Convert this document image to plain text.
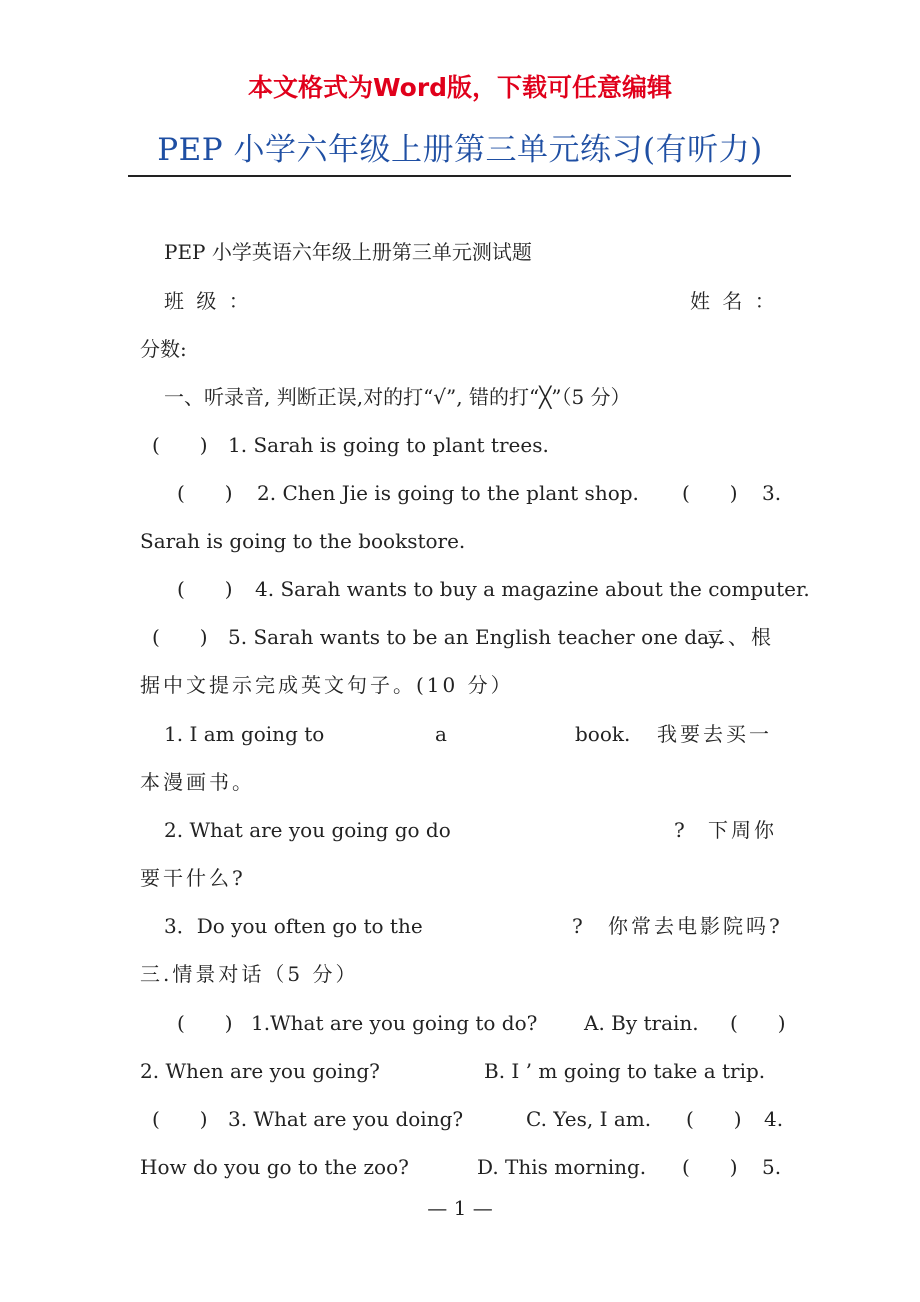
本文格式为Word版，下载可任意编辑
PEP 小学六年级上册第三单元练习(有听力)
PEP 小学英语六年级上册第三单元测试题
班 级 ：	姓 名 ：
分数:
一、听录音, 判断正误,对的打“√”, 错的打“╳”（5 分）
(　　) 1. Sarah is going to plant trees.
(　　) 2. Chen Jie is going to the plant shop. (　　) 3.
Sarah is going to the bookstore.
(　　) 4. Sarah wants to buy a magazine about the computer.
(　　) 5. Sarah wants to be an English teacher one day.
二、根
据中文提示完成英文句子。(10 分）
1. I am going to	a	book. 我要去买一
本漫画书。
2. What are you going go do	? 下周你
要干什么?
3．Do you often go to the	? 你常去电影院吗?
三.情景对话（5 分）
(　　) 1.What are you going to do? A. By train. (　　)
2. When are you going?	B. I ’ m going to take a trip.
(　　) 3. What are you doing?	C. Yes, I am. (　　) 4.
How do you go to the zoo?	D. This morning. (　　) 5.
— 1 —
